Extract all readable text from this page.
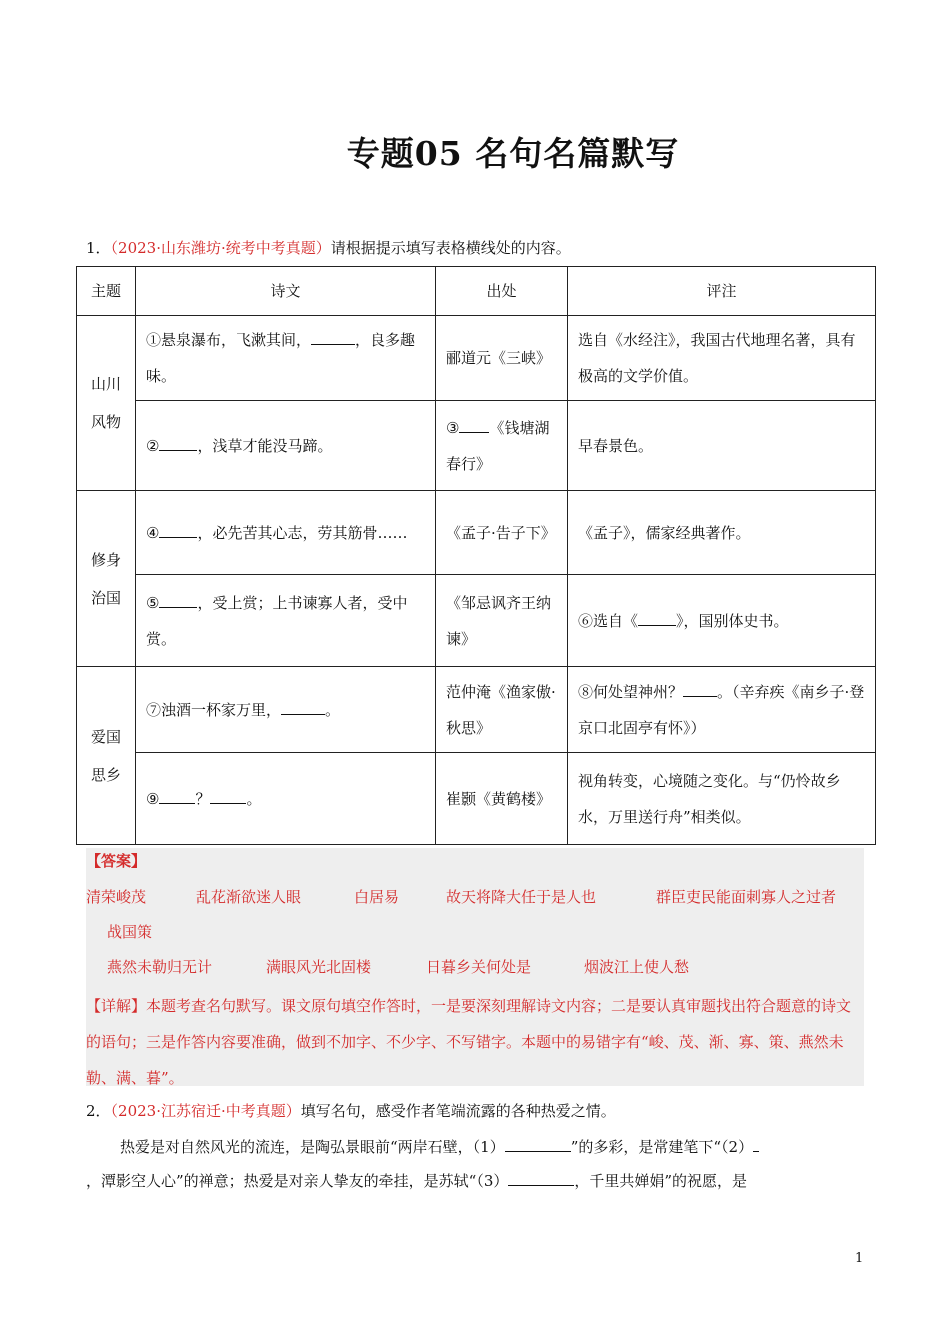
专题05 名句名篇默写
1．（2023·山东潍坊·统考中考真题）请根据提示填写表格横线处的内容。
主题	诗文	出处	评注
山川
风物	①悬泉瀑布，飞漱其间， ，良多趣味。	郦道元《三峡》	选自《水经注》，我国古代地理名著，具有极高的文学价值。
	② ，浅草才能没马蹄。	③ 《钱塘湖春行》	早春景色。
修身
治国	④ ，必先苦其心志，劳其筋骨……	《孟子·告子下》	《孟子》，儒家经典著作。
	⑤ ，受上赏；上书谏寡人者，受中赏。	《邹忌讽齐王纳谏》	⑥选自《 》，国别体史书。
爱国
思乡	⑦浊酒一杯家万里， 。	范仲淹《渔家傲·秋思》	⑧何处望神州？ 。（辛弃疾《南乡子·登京口北固亭有怀》）
	⑨ ？ 。	崔颢《黄鹤楼》	视角转变，心境随之变化。与“仍怜故乡水，万里送行舟”相类似。
【答案】
清荣峻茂	乱花渐欲迷人眼	白居易	故天将降大任于是人也	群臣吏民能面刺寡人之过者
战国策
燕然未勒归无计	满眼风光北固楼	日暮乡关何处是	烟波江上使人愁
【详解】本题考查名句默写。课文原句填空作答时，一是要深刻理解诗文内容；二是要认真审题找出符合题意的诗文的语句；三是作答内容要准确，做到不加字、不少字、不写错字。本题中的易错字有“峻、茂、渐、寡、策、燕然未勒、满、暮”。
2．（2023·江苏宿迁·中考真题）填写名句，感受作者笔端流露的各种热爱之情。
热爱是对自然风光的流连，是陶弘景眼前“两岸石壁，（1）	”的多彩，是常建笔下“（2）
，潭影空人心”的禅意；热爱是对亲人挚友的牵挂，是苏轼“（3）	，千里共婵娟”的祝愿，是
1
